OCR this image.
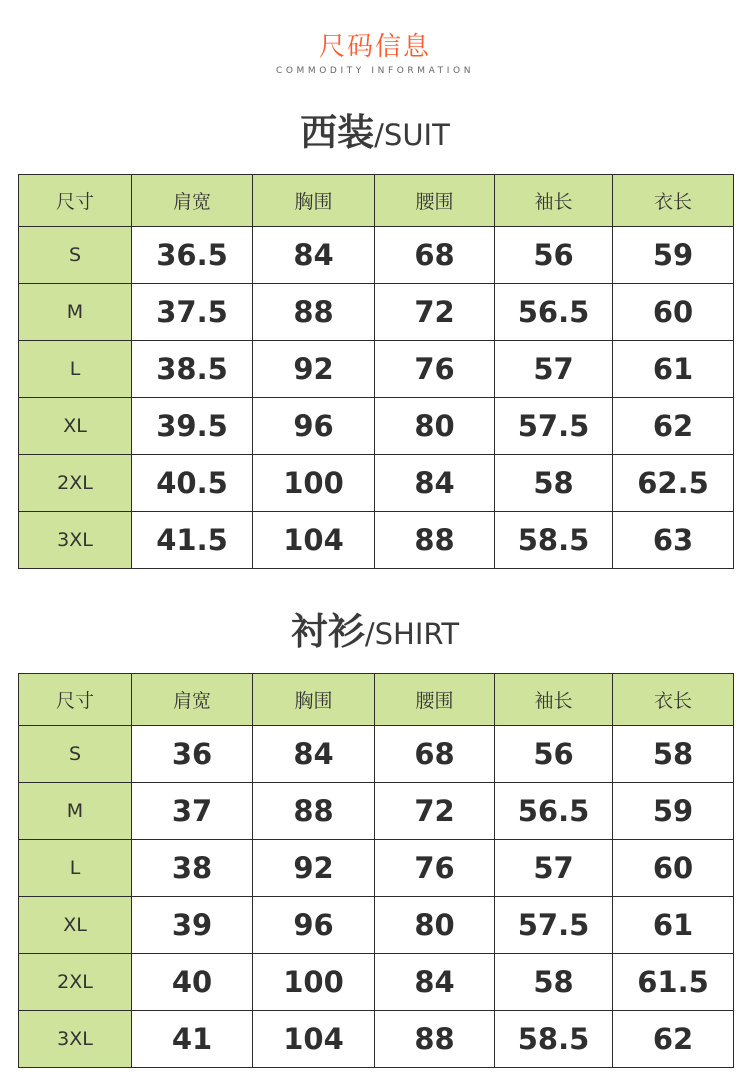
尺码信息
COMMODITY INFORMATION
西装/SUIT
尺寸	肩宽	胸围	腰围	袖长	衣长
S	36.5	84	68	56	59
M	37.5	88	72	56.5	60
L	38.5	92	76	57	61
XL	39.5	96	80	57.5	62
2XL	40.5	100	84	58	62.5
3XL	41.5	104	88	58.5	63
衬衫/SHIRT
尺寸	肩宽	胸围	腰围	袖长	衣长
S	36	84	68	56	58
M	37	88	72	56.5	59
L	38	92	76	57	60
XL	39	96	80	57.5	61
2XL	40	100	84	58	61.5
3XL	41	104	88	58.5	62
